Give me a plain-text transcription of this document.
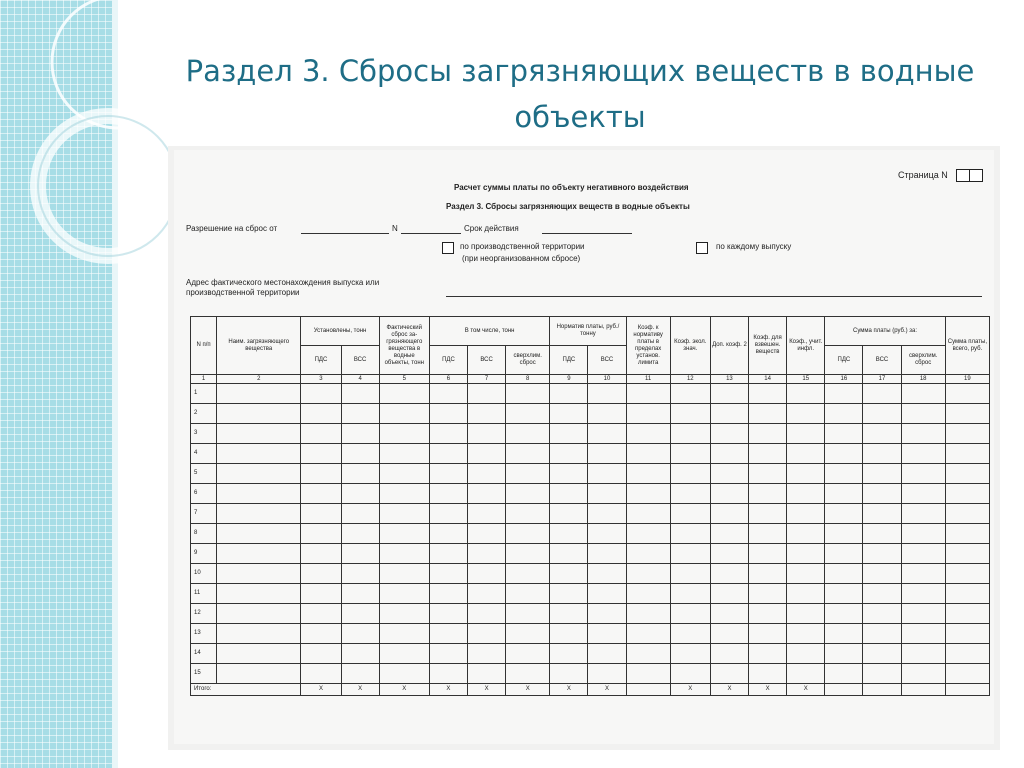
Раздел 3. Сбросы загрязняющих веществ в водные объекты
Страница N
Расчет суммы платы по объекту негативного воздействия
Раздел 3. Сбросы загрязняющих веществ в водные объекты
Разрешение на сброс от	N	Срок действия
по производственной территории
(при неорганизованном сбросе)
по каждому выпуску
Адрес фактического местонахождения выпуска или
производственной территории
N п/п	Наим. загрязняющего вещества	Установлены, тонн		Фактический сброс за- грязняющего вещества в водные объекты, тонн	В том числе, тонн			Норматив платы, руб./тонну		Коэф. к нормативу платы в пределах установ. лимита	Коэф. экол. знач.	Доп. коэф. 2	Коэф. для взвешен. веществ	Коэф., учит. инфл.	Сумма платы (руб.) за:			Сумма платы, всего, руб.
		ПДС	ВСС		ПДС	ВСС	сверхлим. сброс	ПДС	ВСС						ПДС	ВСС	сверхлим. сброс	
1	2	3	4	5	6	7	8	9	10	11	12	13	14	15	16	17	18	19
1																		
2																		
3																		
4																		
5																		
6																		
7																		
8																		
9																		
10																		
11																		
12																		
13																		
14																		
15																		
Итого:		Х	Х	Х	Х	Х	Х	Х	Х		Х	Х	Х	Х				
